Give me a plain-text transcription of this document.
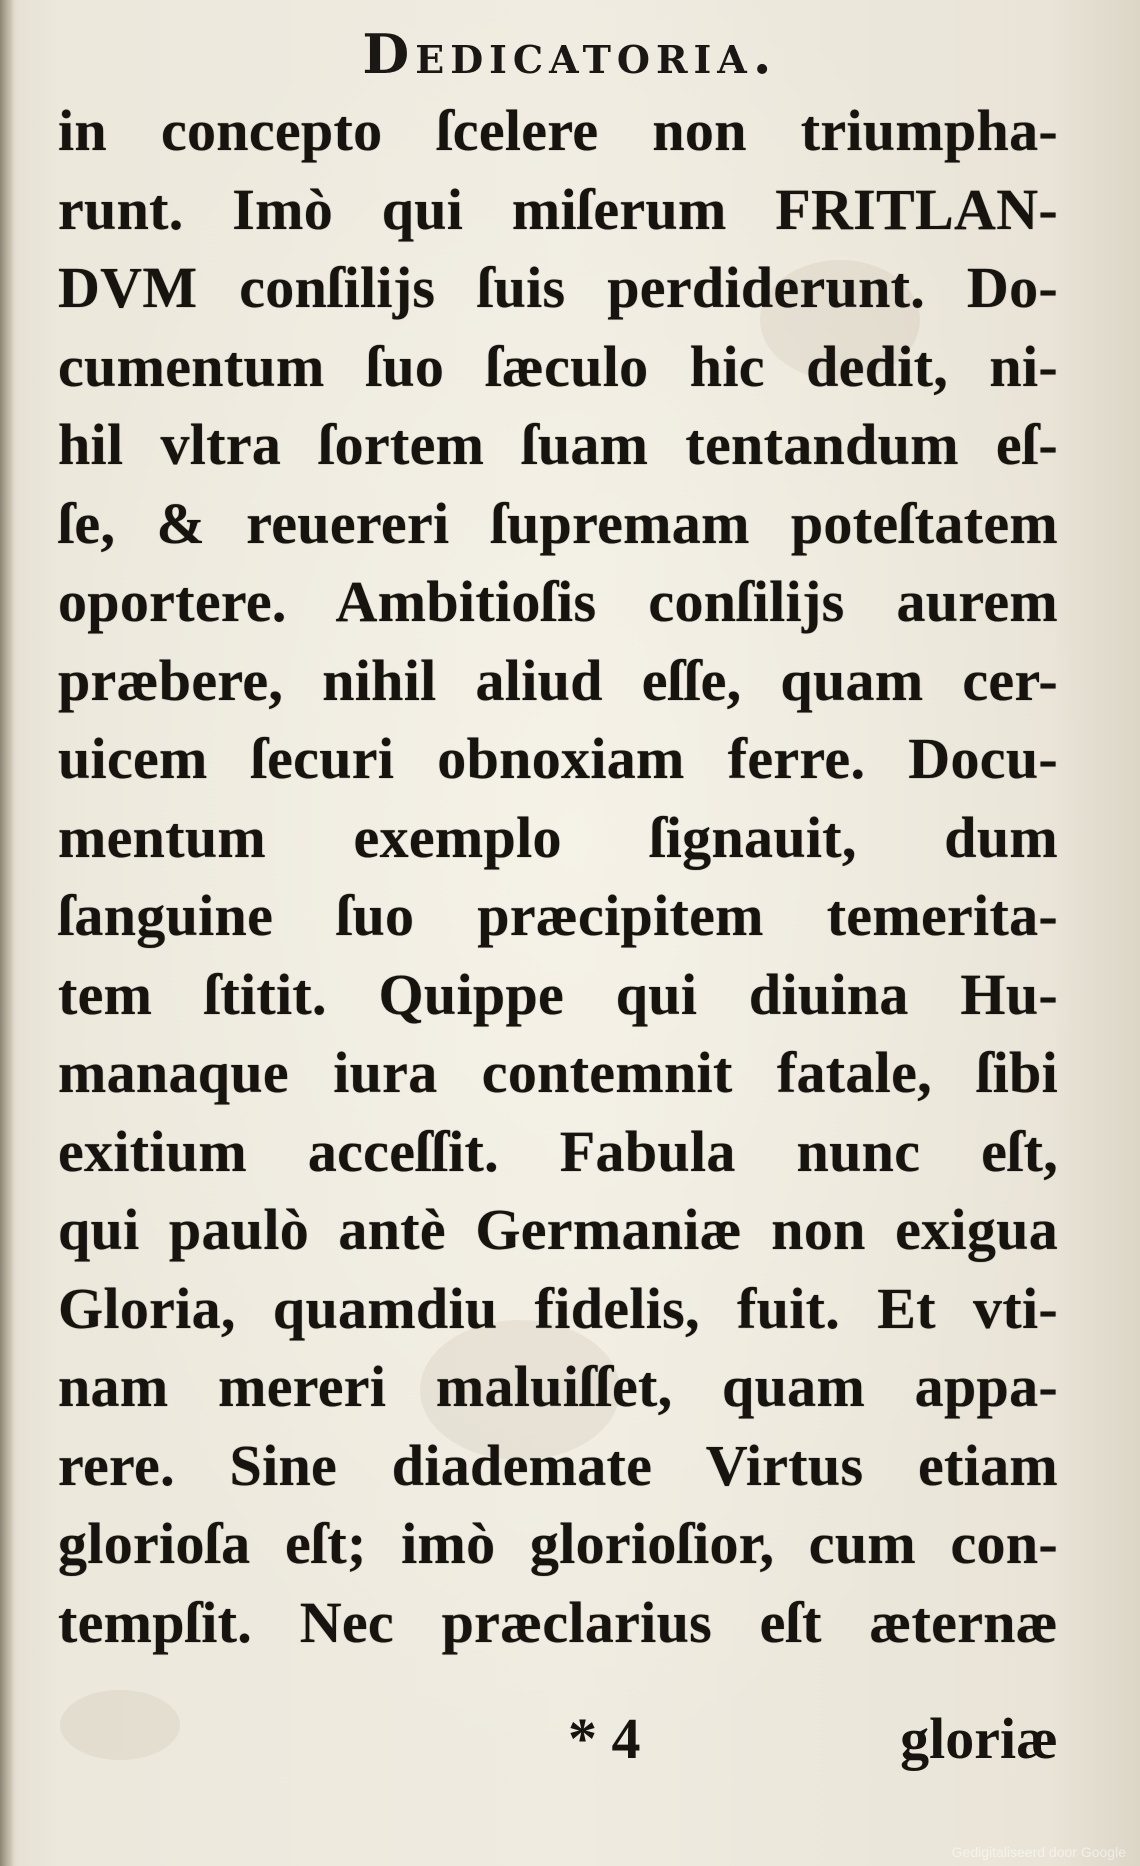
Dedicatoria.
in concepto ſcelere non triumpha-
runt. Imò qui miſerum FRITLAN-
DVM conſilijs ſuis perdiderunt. Do-
cumentum ſuo ſæculo hic dedit, ni-
hil vltra ſortem ſuam tentandum eſ-
ſe, & reuereri ſupremam poteſtatem
oportere. Ambitioſis conſilijs aurem
præbere, nihil aliud eſſe, quam cer-
uicem ſecuri obnoxiam ferre. Docu-
mentum exemplo ſignauit, dum
ſanguine ſuo præcipitem temerita-
tem ſtitit. Quippe qui diuina Hu-
manaque iura contemnit fatale, ſibi
exitium acceſſit. Fabula nunc eſt,
qui paulò antè Germaniæ non exigua
Gloria, quamdiu fidelis, fuit. Et vti-
nam mereri maluiſſet, quam appa-
rere. Sine diademate Virtus etiam
glorioſa eſt; imò glorioſior, cum con-
tempſit. Nec præclarius eſt æternæ
* 4	gloriæ
Gedigitaliseerd door Google
